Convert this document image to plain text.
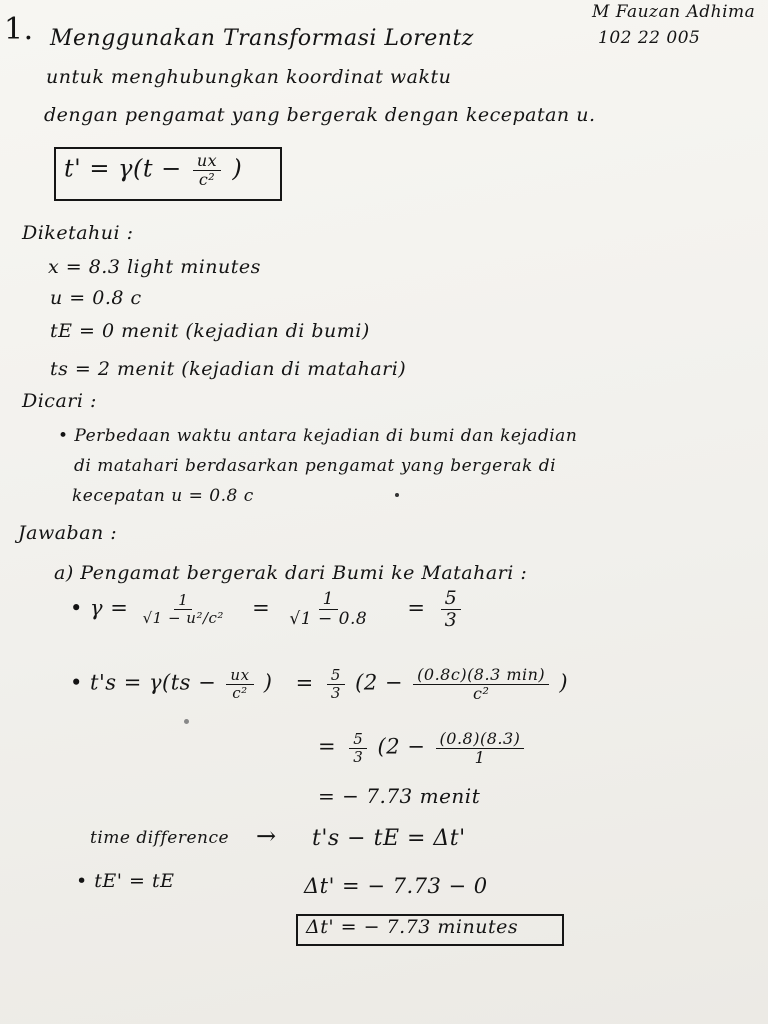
M Fauzan Adhima
102 22 005
1. Menggunakan Transformasi Lorentz
untuk menghubungkan koordinat waktu
dengan pengamat yang bergerak dengan kecepatan u.
$t' = \gamma(t - \frac{ux}{\text{c²}}$ )
Diketahui :
x = 8.3 light minutes
u = 0.8 c
tE = 0 menit (kejadian di bumi)
ts = 2 menit (kejadian di matahari)
Dicari :
• Perbedaan waktu antara kejadian di bumi dan kejadian
di matahari berdasarkan pengamat yang bergerak di
kecepatan u = 0.8 c
Jawaban :
a) Pengamat bergerak dari Bumi ke Matahari :
• $\gamma = \frac{1}{\text{√1 − u²/c²}} = \frac{1}{√1 - 0.8} = \frac{5}{3}$
• $t's = \gamma(ts - \frac{ux}{\text{c²}}$ ) = $\frac{5}{3} (2 - \frac{(0.8c)(8.3 \min)}{\text{c²}}$ )
= $\frac{5}{3} (2 - \frac{(0.8)(8.3)}{1}$
= − 7.73 menit
time difference → t's − tE = Δt'
• tE' = tE	Δt' = − 7.73 − 0
Δt' = − 7.73 minutes
